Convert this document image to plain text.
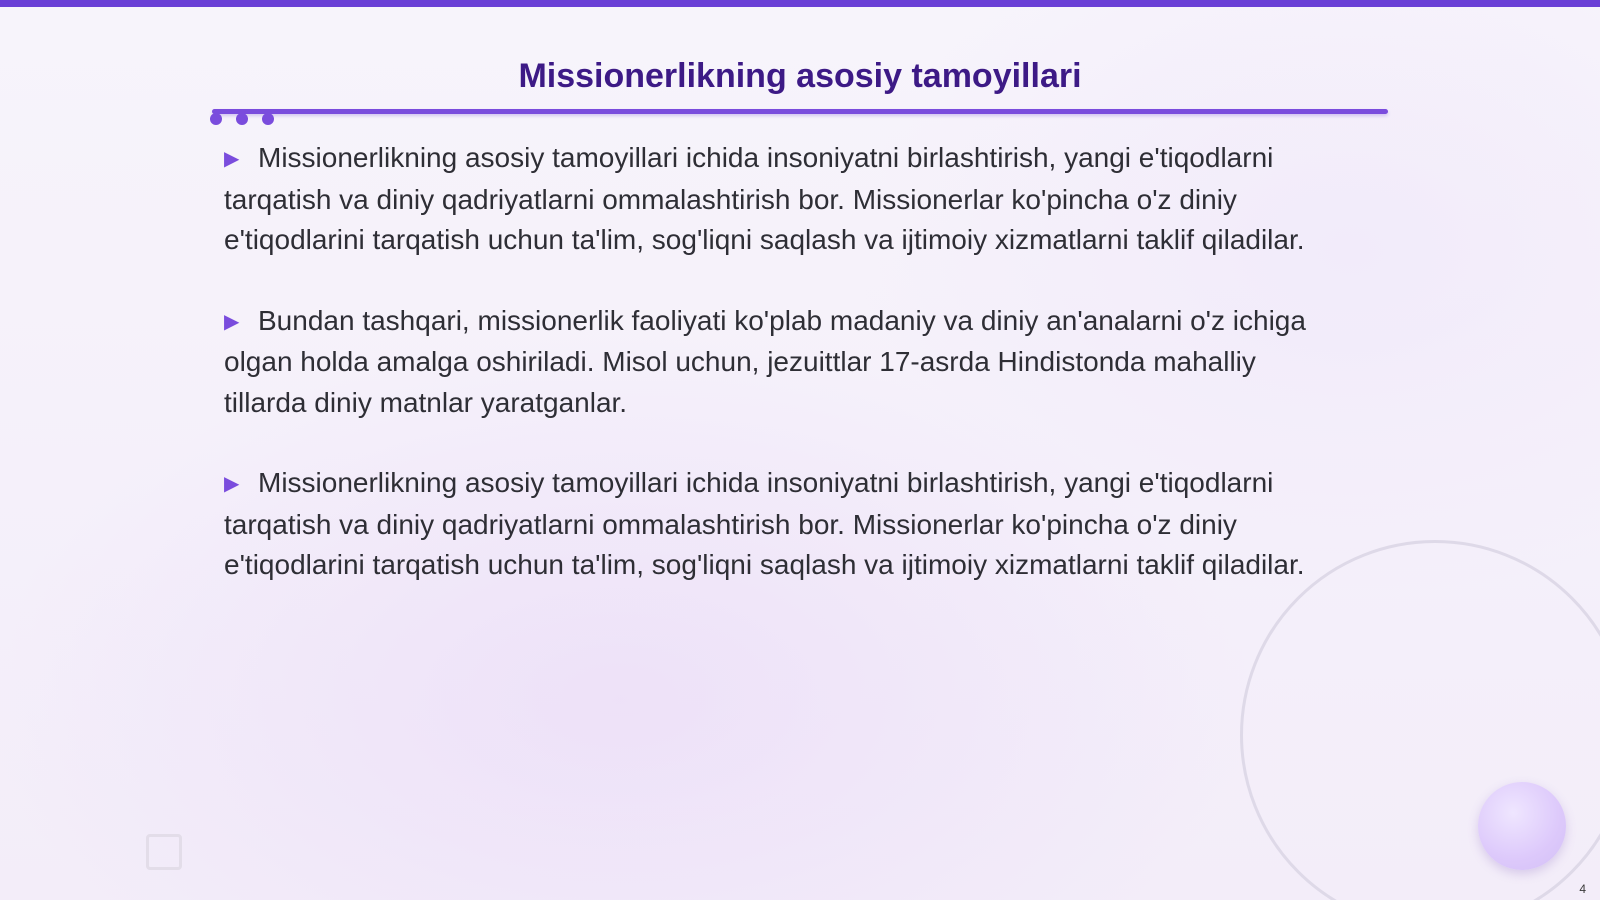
Missionerlikning asosiy tamoyillari

▶ Missionerlikning asosiy tamoyillari ichida insoniyatni birlashtirish, yangi e'tiqodlarni tarqatish va diniy qadriyatlarni ommalashtirish bor. Missionerlar ko'pincha o'z diniy e'tiqodlarini tarqatish uchun ta'lim, sog'liqni saqlash va ijtimoiy xizmatlarni taklif qiladilar.

▶ Bundan tashqari, missionerlik faoliyati ko'plab madaniy va diniy an'analarni o'z ichiga olgan holda amalga oshiriladi. Misol uchun, jezuittlar 17-asrda Hindistonda mahalliy tillarda diniy matnlar yaratganlar.

▶ Missionerlikning asosiy tamoyillari ichida insoniyatni birlashtirish, yangi e'tiqodlarni tarqatish va diniy qadriyatlarni ommalashtirish bor. Missionerlar ko'pincha o'z diniy e'tiqodlarini tarqatish uchun ta'lim, sog'liqni saqlash va ijtimoiy xizmatlarni taklif qiladilar.

4
